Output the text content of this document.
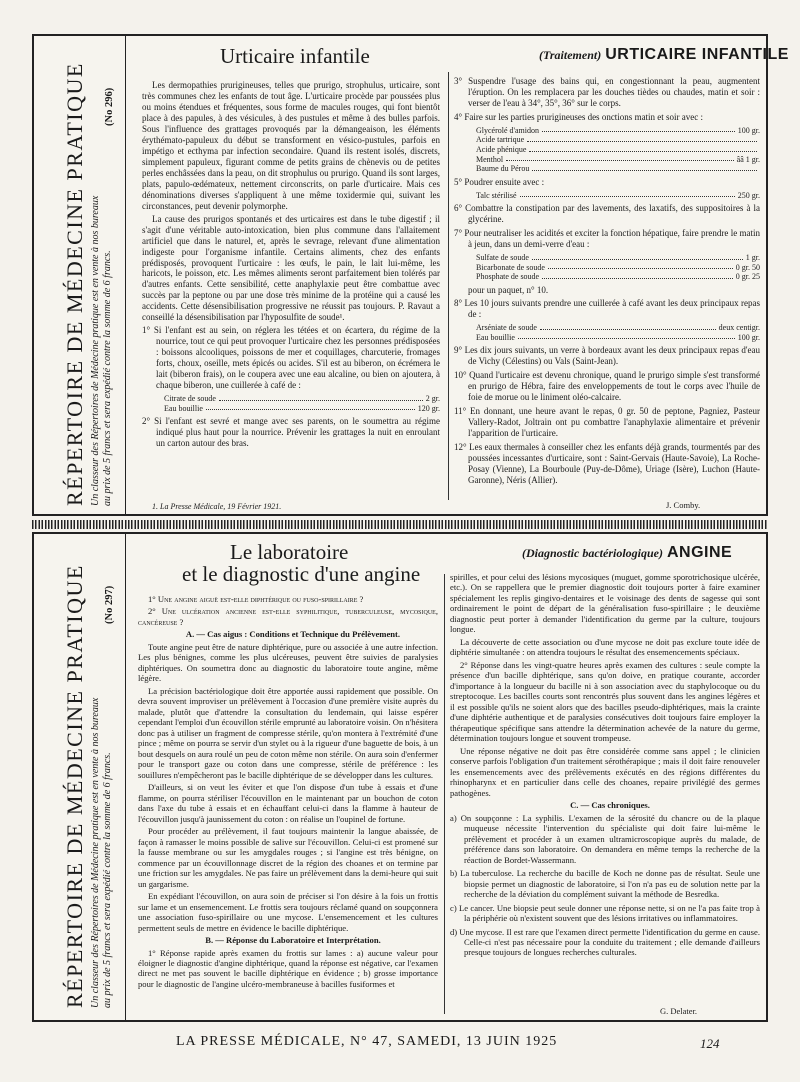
RÉPERTOIRE DE MÉDECINE PRATIQUE Un classeur des Répertoires de Médecine pratique est en vente à nos bureaux au prix de 5 francs et sera expédié contre la somme de 6 francs.
(No 296)
Urticaire infantile	(Traitement) URTICAIRE INFANTILE

Les dermopathies prurigineuses, telles que prurigo, strophulus, urticaire, sont très communes chez les enfants de tout âge. L'urticaire procède par poussées plus ou moins étendues et fréquentes, sous forme de macules rouges, qui font bientôt place à des papules, à des vésicules, à des pustules et même à des bulles parfois. Sous l'influence des grattages provoqués par la démangeaison, les éléments érythémato-papuleux du début se transforment en vésico-pustules, parfois en impétigo et ecthyma par infection secondaire. Quand ils restent isolés, discrets, simplement papuleux, figurant comme de petits grains de chènevis ou de petites perles enchâssées dans la peau, on dit strophulus ou prurigo. Quand ils sont larges, plats, papulo-œdémateux, nettement circonscrits, on parle d'urticaire. Mais ces dénominations diverses s'appliquent à une même toxidermie qui, suivant les circonstances, peut devenir polymorphe.

La cause des prurigos spontanés et des urticaires est dans le tube digestif ; il s'agit d'une véritable auto-intoxication, bien plus commune dans l'allaitement artificiel que dans le naturel, et, après le sevrage, relevant d'une alimentation indigeste pour l'organisme infantile. Certains aliments, chez des enfants prédisposés, provoquent l'urticaire : les œufs, le pain, le lait lui-même, les haricots, le poisson, etc. Les mêmes aliments seront parfaitement bien tolérés par d'autres enfants. Cette sensibilité, cette anaphylaxie peut être combattue avec succès par la peptone ou par une dose très minime de la protéine qui a causé les accidents. Cette désensibilisation progressive ne réussit pas toujours. P. Ravaut a conseillé la désensibilisation par l'hyposulfite de soude¹.

1° Si l'enfant est au sein, on réglera les tétées et on écartera, du régime de la nourrice, tout ce qui peut provoquer l'urticaire chez les personnes prédisposées : boissons alcooliques, poissons de mer et coquillages, charcuterie, fromages forts, choux, oseille, mets épicés ou acides. S'il est au biberon, on écrémera le lait (biberon frais), on le coupera avec une eau alcaline, ou bien on ajoutera, à chaque biberon, une cuillerée à café de :
Citrate de soude	2 gr.
Eau bouillie	120 gr.
2° Si l'enfant est sevré et mange avec ses parents, on le soumettra au régime indiqué plus haut pour la nourrice. Prévenir les grattages la nuit en enroulant un carton autour des bras.
1. La Presse Médicale, 19 Février 1921.
3° Suspendre l'usage des bains qui, en congestionnant la peau, augmentent l'éruption. On les remplacera par les douches tièdes ou chaudes, matin et soir : verser de l'eau à 34°, 35°, 36° sur le corps.
4° Faire sur les parties prurigineuses des onctions matin et soir avec :
Glycérolé d'amidon	100 gr.
Acide tartrique
Acide phénique
Menthol	ââ 1 gr.
Baume du Pérou
5° Poudrer ensuite avec :
Talc stérilisé	250 gr.
6° Combattre la constipation par des lavements, des laxatifs, des suppositoires à la glycérine.
7° Pour neutraliser les acidités et exciter la fonction hépatique, faire prendre le matin à jeun, dans un demi-verre d'eau :
Sulfate de soude	1 gr.
Bicarbonate de soude	0 gr. 50
Phosphate de soude	0 gr. 25

pour un paquet, n° 10.

8° Les 10 jours suivants prendre une cuillerée à café avant les deux principaux repas de :
Arséniate de soude	deux centigr.
Eau bouillie	100 gr.
9° Les dix jours suivants, un verre à bordeaux avant les deux principaux repas d'eau de Vichy (Célestins) ou Vals (Saint-Jean).
10° Quand l'urticaire est devenu chronique, quand le prurigo simple s'est transformé en prurigo de Hébra, faire des enveloppements de tout le corps avec l'huile de foie de morue ou le liniment oléo-calcaire.
11° En donnant, une heure avant le repas, 0 gr. 50 de peptone, Pagniez, Pasteur Vallery-Radot, Joltrain ont pu combattre l'anaphylaxie alimentaire et prévenir l'apparition de l'urticaire.
12° Les eaux thermales à conseiller chez les enfants déjà grands, tourmentés par des poussées incessantes d'urticaire, sont : Saint-Gervais (Haute-Savoie), La Roche-Posay (Vienne), La Bourboule (Puy-de-Dôme), Uriage (Isère), Luchon (Haute-Garonne), Néris (Allier).
J. Comby.
RÉPERTOIRE DE MÉDECINE PRATIQUE Un classeur des Répertoires de Médecine pratique est en vente à nos bureaux au prix de 5 francs et sera expédié contre la somme de 6 francs.
(No 297)
Le laboratoire
et le diagnostic d'une angine
(Diagnostic bactériologique) ANGINE

1° Une angine aiguë est-elle diphtérique ou fuso-spirillaire ?

2° Une ulcération ancienne est-elle syphilitique, tuberculeuse, mycosique, cancéreuse ?

A. — Cas aigus : Conditions et Technique du Prélèvement.

Toute angine peut être de nature diphtérique, pure ou associée à une autre infection. Les plus bénignes, comme les plus ulcéreuses, peuvent être suivies de paralysies diphtériques. On soumettra donc au diagnostic du laboratoire toute angine, même légère.

La précision bactériologique doit être apportée aussi rapidement que possible. On devra souvent improviser un prélèvement à l'occasion d'une première visite auprès du malade, plutôt que d'attendre la consultation du lendemain, qui laisse espérer cependant l'emploi d'un écouvillon stérile emprunté au laboratoire voisin. On n'hésitera donc pas à utiliser un fragment de compresse stérile, qu'on montera à l'extrémité d'une pince ; même on pourra se servir d'un stylet ou à la rigueur d'une baguette de bois, à un bout desquels on aura roulé un peu de coton même non stérile. On aura soin d'enfermer pour le transport gaze ou coton dans une compresse, stérile de préférence : les souillures n'empêcheront pas le bacille diphtérique de se développer dans les cultures.

D'ailleurs, si on veut les éviter et que l'on dispose d'un tube à essais et d'une flamme, on pourra stériliser l'écouvillon en le maintenant par un bouchon de coton dans l'axe du tube à essais et en échauffant celui-ci dans la flamme à hauteur de l'écouvillon jusqu'à jaunissement du coton : on réalise un l'oupinel de fortune.

Pour procéder au prélèvement, il faut toujours maintenir la langue abaissée, de façon à ramasser le moins possible de salive sur l'écouvillon. Celui-ci est promené sur la fausse membrane ou sur les amygdales rouges ; si l'angine est très bénigne, on commence par un écouvillonnage discret de la région des choanes et on termine par une friction sur les amygdales. Ne pas faire un prélèvement dans la demi-heure qui suit un gargarisme.

En expédiant l'écouvillon, on aura soin de préciser si l'on désire à la fois un frottis sur lame et un ensemencement. Le frottis sera toujours réclamé quand on soupçonnera une association fuso-spirillaire ou une mycose. L'ensemencement et les cultures permettent seuls de mettre en évidence le bacille diphtérique.

B. — Réponse du Laboratoire et Interprétation.

1° Réponse rapide après examen du frottis sur lames : a) aucune valeur pour éloigner le diagnostic d'angine diphtérique, quand la réponse est négative, car l'examen direct ne met pas souvent le bacille diphtérique en évidence ; b) grosse importance pour le diagnostic de l'angine ulcéro-membraneuse à bacilles fusiformes et

spirilles, et pour celui des lésions mycosiques (muguet, gomme sporotrichosique ulcérée, etc.). On se rappellera que le premier diagnostic doit toujours porter à faire examiner spécialement les replis gingivo-dentaires et le voisinage des dents de sagesse qui sont ordinairement le point de départ de la généralisation fuso-spirillaire ; le deuxième diagnostic peut porter à demander l'identification du germe par la culture, toujours longue.

La découverte de cette association ou d'une mycose ne doit pas exclure toute idée de diphtérie simultanée : on attendra toujours le résultat des ensemencements spéciaux.

2° Réponse dans les vingt-quatre heures après examen des cultures : seule compte la présence d'un bacille diphtérique, sans qu'on doive, en pratique courante, accorder d'importance à la longueur du bacille ni à son association avec du staphylocoque ou du streptocoque. Les bacilles courts sont rencontrés plus souvent dans les angines légères et il est possible qu'ils ne soient alors que des bacilles pseudo-diphtériques, mais la crainte d'une diphtérie authentique et de paralysies consécutives doit toujours faire employer la thérapeutique spécifique sans attendre la détermination achevée de la nature du germe, détermination toujours longue et souvent trompeuse.

Une réponse négative ne doit pas être considérée comme sans appel ; le clinicien conserve parfois l'obligation d'un traitement sérothérapique ; mais il doit faire renouveler les ensemencements avec des prélèvements exécutés en des régions différentes du rhinopharynx et en particulier dans celle des choanes, repaire privilégié des germes pathogènes.

C. — Cas chroniques.

a) On soupçonne : La syphilis. L'examen de la sérosité du chancre ou de la plaque muqueuse nécessite l'intervention du spécialiste qui doit faire lui-même le prélèvement et procéder à un examen ultramicroscopique auprès du malade, de préférence dans son laboratoire. On demandera en même temps la recherche de la réaction de Bordet-Wassermann.
b) La tuberculose. La recherche du bacille de Koch ne donne pas de résultat. Seule une biopsie permet un diagnostic de laboratoire, si l'on n'a pas eu de solution nette par la recherche de la déviation du complément suivant la méthode de Besredka.
c) Le cancer. Une biopsie peut seule donner une réponse nette, si on ne l'a pas faite trop à la périphérie où n'existent souvent que des lésions irritatives ou inflammatoires.
d) Une mycose. Il est rare que l'examen direct permette l'identification du germe en cause. Celle-ci n'est pas nécessaire pour la conduite du traitement ; elle demande d'ailleurs presque toujours de longues recherches culturales.
G. Delater.
LA PRESSE MÉDICALE, N° 47, SAMEDI, 13 JUIN 1925	124
